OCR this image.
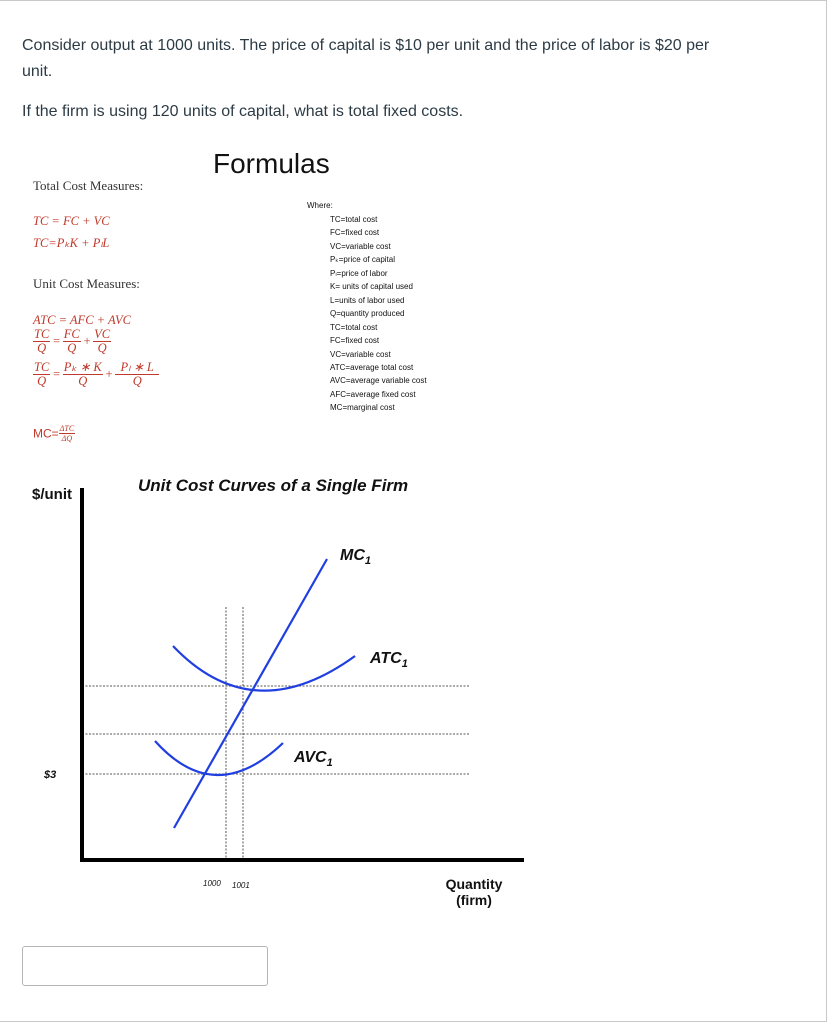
Consider output at 1000 units. The price of capital is $10 per unit and the price of labor is $20 per
unit.
If the firm is using 120 units of capital, what is total fixed costs.
Formulas
Total Cost Measures:
TC = FC + VC
TC=PₖK + PₗL
Unit Cost Measures:
ATC = AFC + AVC
$\frac{TC}{Q} = \frac{FC}{Q} + \frac{VC}{Q}$
$\frac{TC}{Q} = \frac{\text{Pₖ ∗ K}}{Q} + \frac{\text{Pₗ ∗ L}}{Q}$
$MC= \frac{\text{ΔTC}}{\Delta Q}$
Where:
TC=total cost
FC=fixed cost
VC=variable cost
Pₖ=price of capital
Pₗ=price of labor
K= units of capital used
L=units of labor used
Q=quantity produced
TC=total cost
FC=fixed cost
VC=variable cost
ATC=average total cost
AVC=average variable cost
AFC=average fixed cost
MC=marginal cost
Unit Cost Curves of a Single Firm
$/unit
$MC_1$
$ATC_1$
$AVC_1$
$3
1000 1001	Quantity
(firm)
